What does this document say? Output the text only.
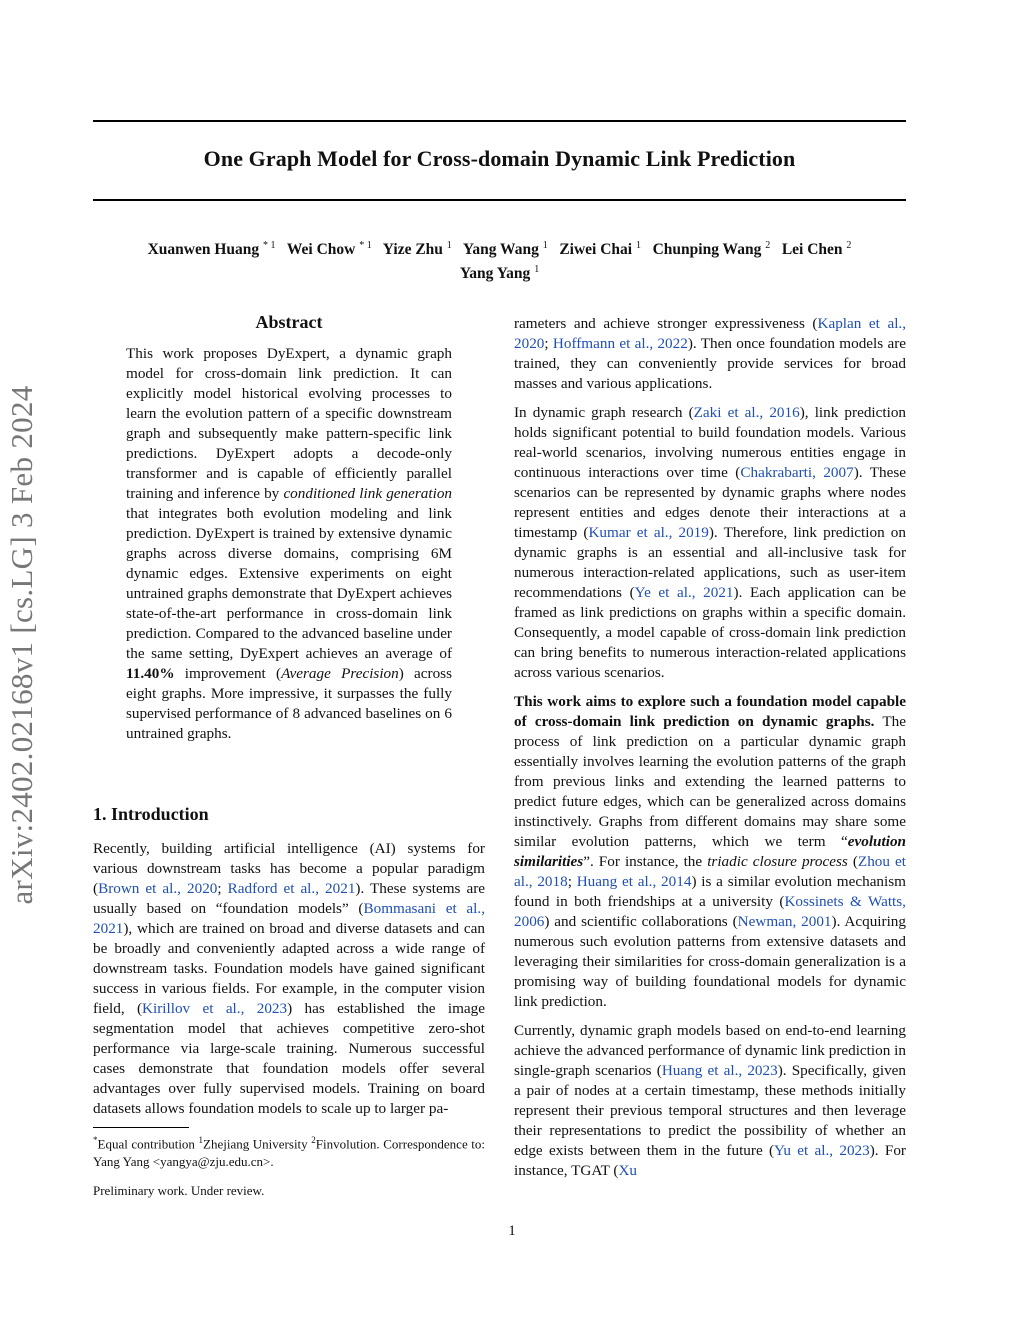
One Graph Model for Cross-domain Dynamic Link Prediction
Xuanwen Huang $^{* 1}$ Wei Chow $^{* 1}$ Yize Zhu $^1$ Yang Wang $^1$ Ziwei Chai $^1$ Chunping Wang $^2$ Lei Chen $^2$
Yang Yang $^1$
arXiv:2402.02168v1 [cs.LG] 3 Feb 2024
Abstract
This work proposes DyExpert, a dynamic graph model for cross-domain link prediction. It can explicitly model historical evolving processes to learn the evolution pattern of a specific downstream graph and subsequently make pattern-specific link predictions. DyExpert adopts a decode-only transformer and is capable of efficiently parallel training and inference by conditioned link generation that integrates both evolution modeling and link prediction. DyExpert is trained by extensive dynamic graphs across diverse domains, comprising 6M dynamic edges. Extensive experiments on eight untrained graphs demonstrate that DyExpert achieves state-of-the-art performance in cross-domain link prediction. Compared to the advanced baseline under the same setting, DyExpert achieves an average of 11.40% improvement (Average Precision) across eight graphs. More impressive, it surpasses the fully supervised performance of 8 advanced baselines on 6 untrained graphs.
1. Introduction

Recently, building artificial intelligence (AI) systems for various downstream tasks has become a popular paradigm (Brown et al., 2020; Radford et al., 2021). These systems are usually based on “foundation models” (Bommasani et al., 2021), which are trained on broad and diverse datasets and can be broadly and conveniently adapted across a wide range of downstream tasks. Foundation models have gained significant success in various fields. For example, in the computer vision field, (Kirillov et al., 2023) has established the image segmentation model that achieves competitive zero-shot performance via large-scale training. Numerous successful cases demonstrate that foundation models offer several advantages over fully supervised models. Training on board datasets allows foundation models to scale up to larger pa-

rameters and achieve stronger expressiveness (Kaplan et al., 2020; Hoffmann et al., 2022). Then once foundation models are trained, they can conveniently provide services for broad masses and various applications.

In dynamic graph research (Zaki et al., 2016), link prediction holds significant potential to build foundation models. Various real-world scenarios, involving numerous entities engage in continuous interactions over time (Chakrabarti, 2007). These scenarios can be represented by dynamic graphs where nodes represent entities and edges denote their interactions at a timestamp (Kumar et al., 2019). Therefore, link prediction on dynamic graphs is an essential and all-inclusive task for numerous interaction-related applications, such as user-item recommendations (Ye et al., 2021). Each application can be framed as link predictions on graphs within a specific domain. Consequently, a model capable of cross-domain link prediction can bring benefits to numerous interaction-related applications across various scenarios.

This work aims to explore such a foundation model capable of cross-domain link prediction on dynamic graphs. The process of link prediction on a particular dynamic graph essentially involves learning the evolution patterns of the graph from previous links and extending the learned patterns to predict future edges, which can be generalized across domains instinctively. Graphs from different domains may share some similar evolution patterns, which we term “evolution similarities”. For instance, the triadic closure process (Zhou et al., 2018; Huang et al., 2014) is a similar evolution mechanism found in both friendships at a university (Kossinets & Watts, 2006) and scientific collaborations (Newman, 2001). Acquiring numerous such evolution patterns from extensive datasets and leveraging their similarities for cross-domain generalization is a promising way of building foundational models for dynamic link prediction.

Currently, dynamic graph models based on end-to-end learning achieve the advanced performance of dynamic link prediction in single-graph scenarios (Huang et al., 2023). Specifically, given a pair of nodes at a certain timestamp, these methods initially represent their previous temporal structures and then leverage their representations to predict the possibility of whether an edge exists between them in the future (Yu et al., 2023). For instance, TGAT (Xu

*Equal contribution $^1$Zhejiang University $^2$Finvolution. Correspondence to: Yang Yang <yangya@zju.edu.cn>.
Preliminary work. Under review.
1
